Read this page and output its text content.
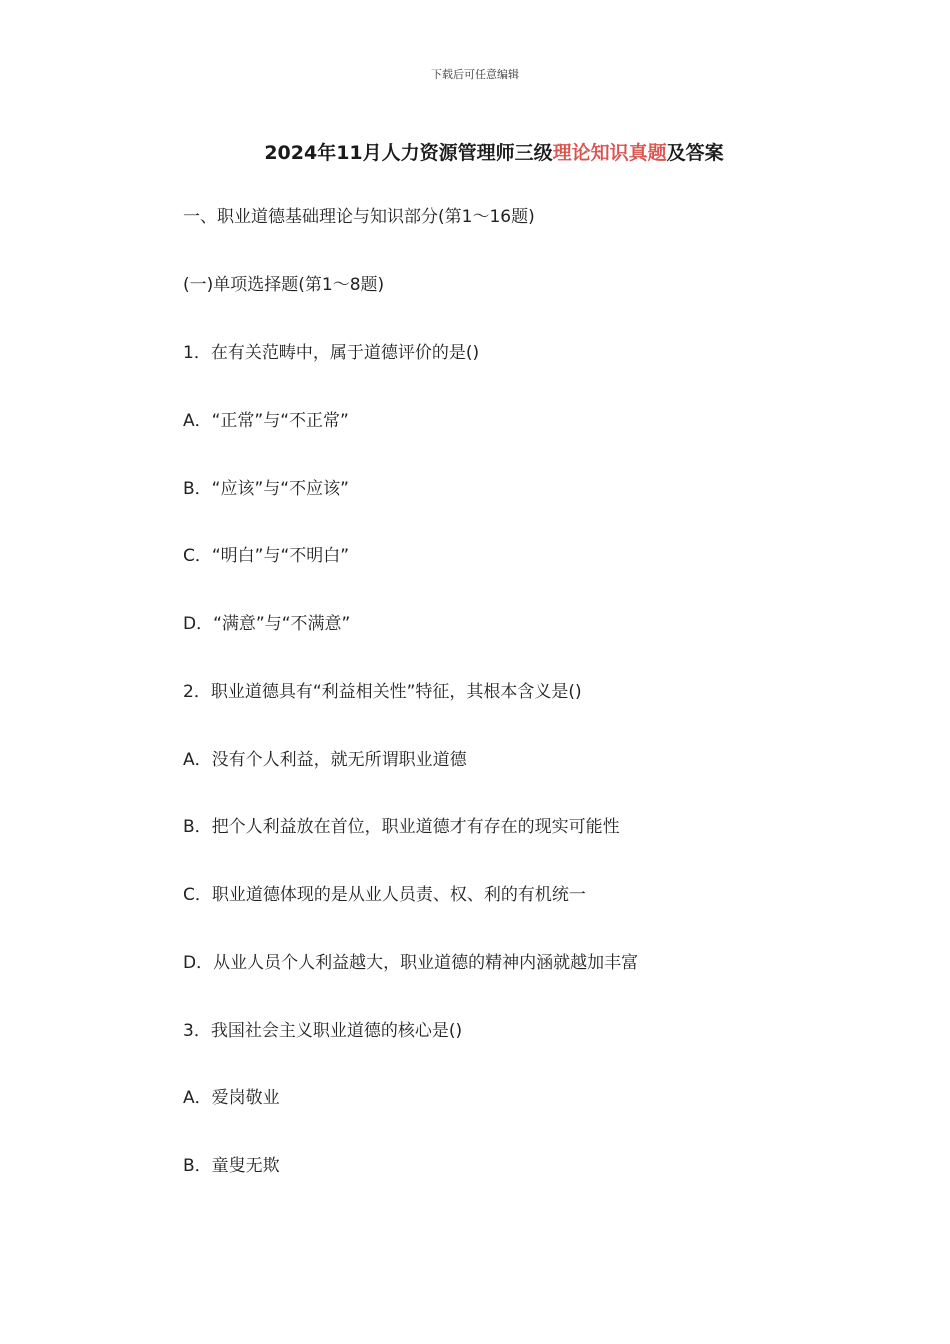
下载后可任意编辑
2024年11月人力资源管理师三级理论知识真题及答案
一、职业道德基础理论与知识部分(第1～16题)
(一)单项选择题(第1～8题)
1．在有关范畴中，属于道德评价的是()
A．“正常”与“不正常”
B．“应该”与“不应该”
C．“明白”与“不明白”
D．“满意”与“不满意”
2．职业道德具有“利益相关性”特征，其根本含义是()
A．没有个人利益，就无所谓职业道德
B．把个人利益放在首位，职业道德才有存在的现实可能性
C．职业道德体现的是从业人员责、权、利的有机统一
D．从业人员个人利益越大，职业道德的精神内涵就越加丰富
3．我国社会主义职业道德的核心是()
A．爱岗敬业
B．童叟无欺
